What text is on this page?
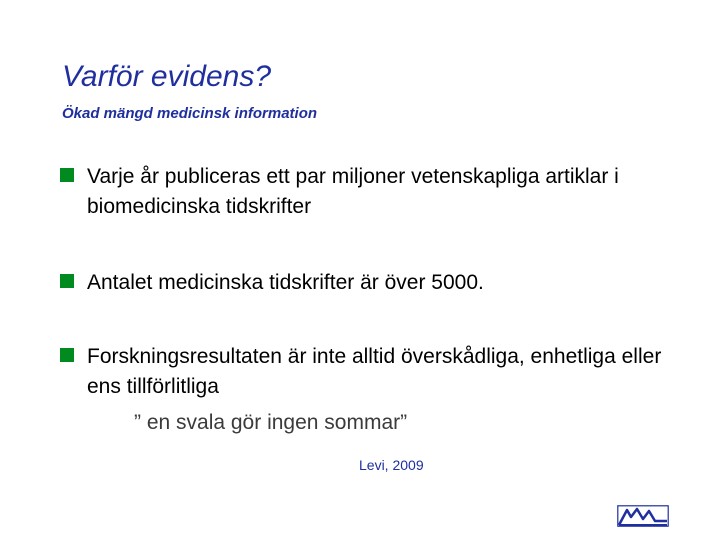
Varför evidens?
Ökad mängd medicinsk information
Varje år publiceras ett par miljoner vetenskapliga artiklar i biomedicinska tidskrifter
Antalet medicinska tidskrifter är över 5000.
Forskningsresultaten är inte alltid överskådliga, enhetliga eller ens tillförlitliga
” en svala gör ingen sommar”
Levi, 2009
